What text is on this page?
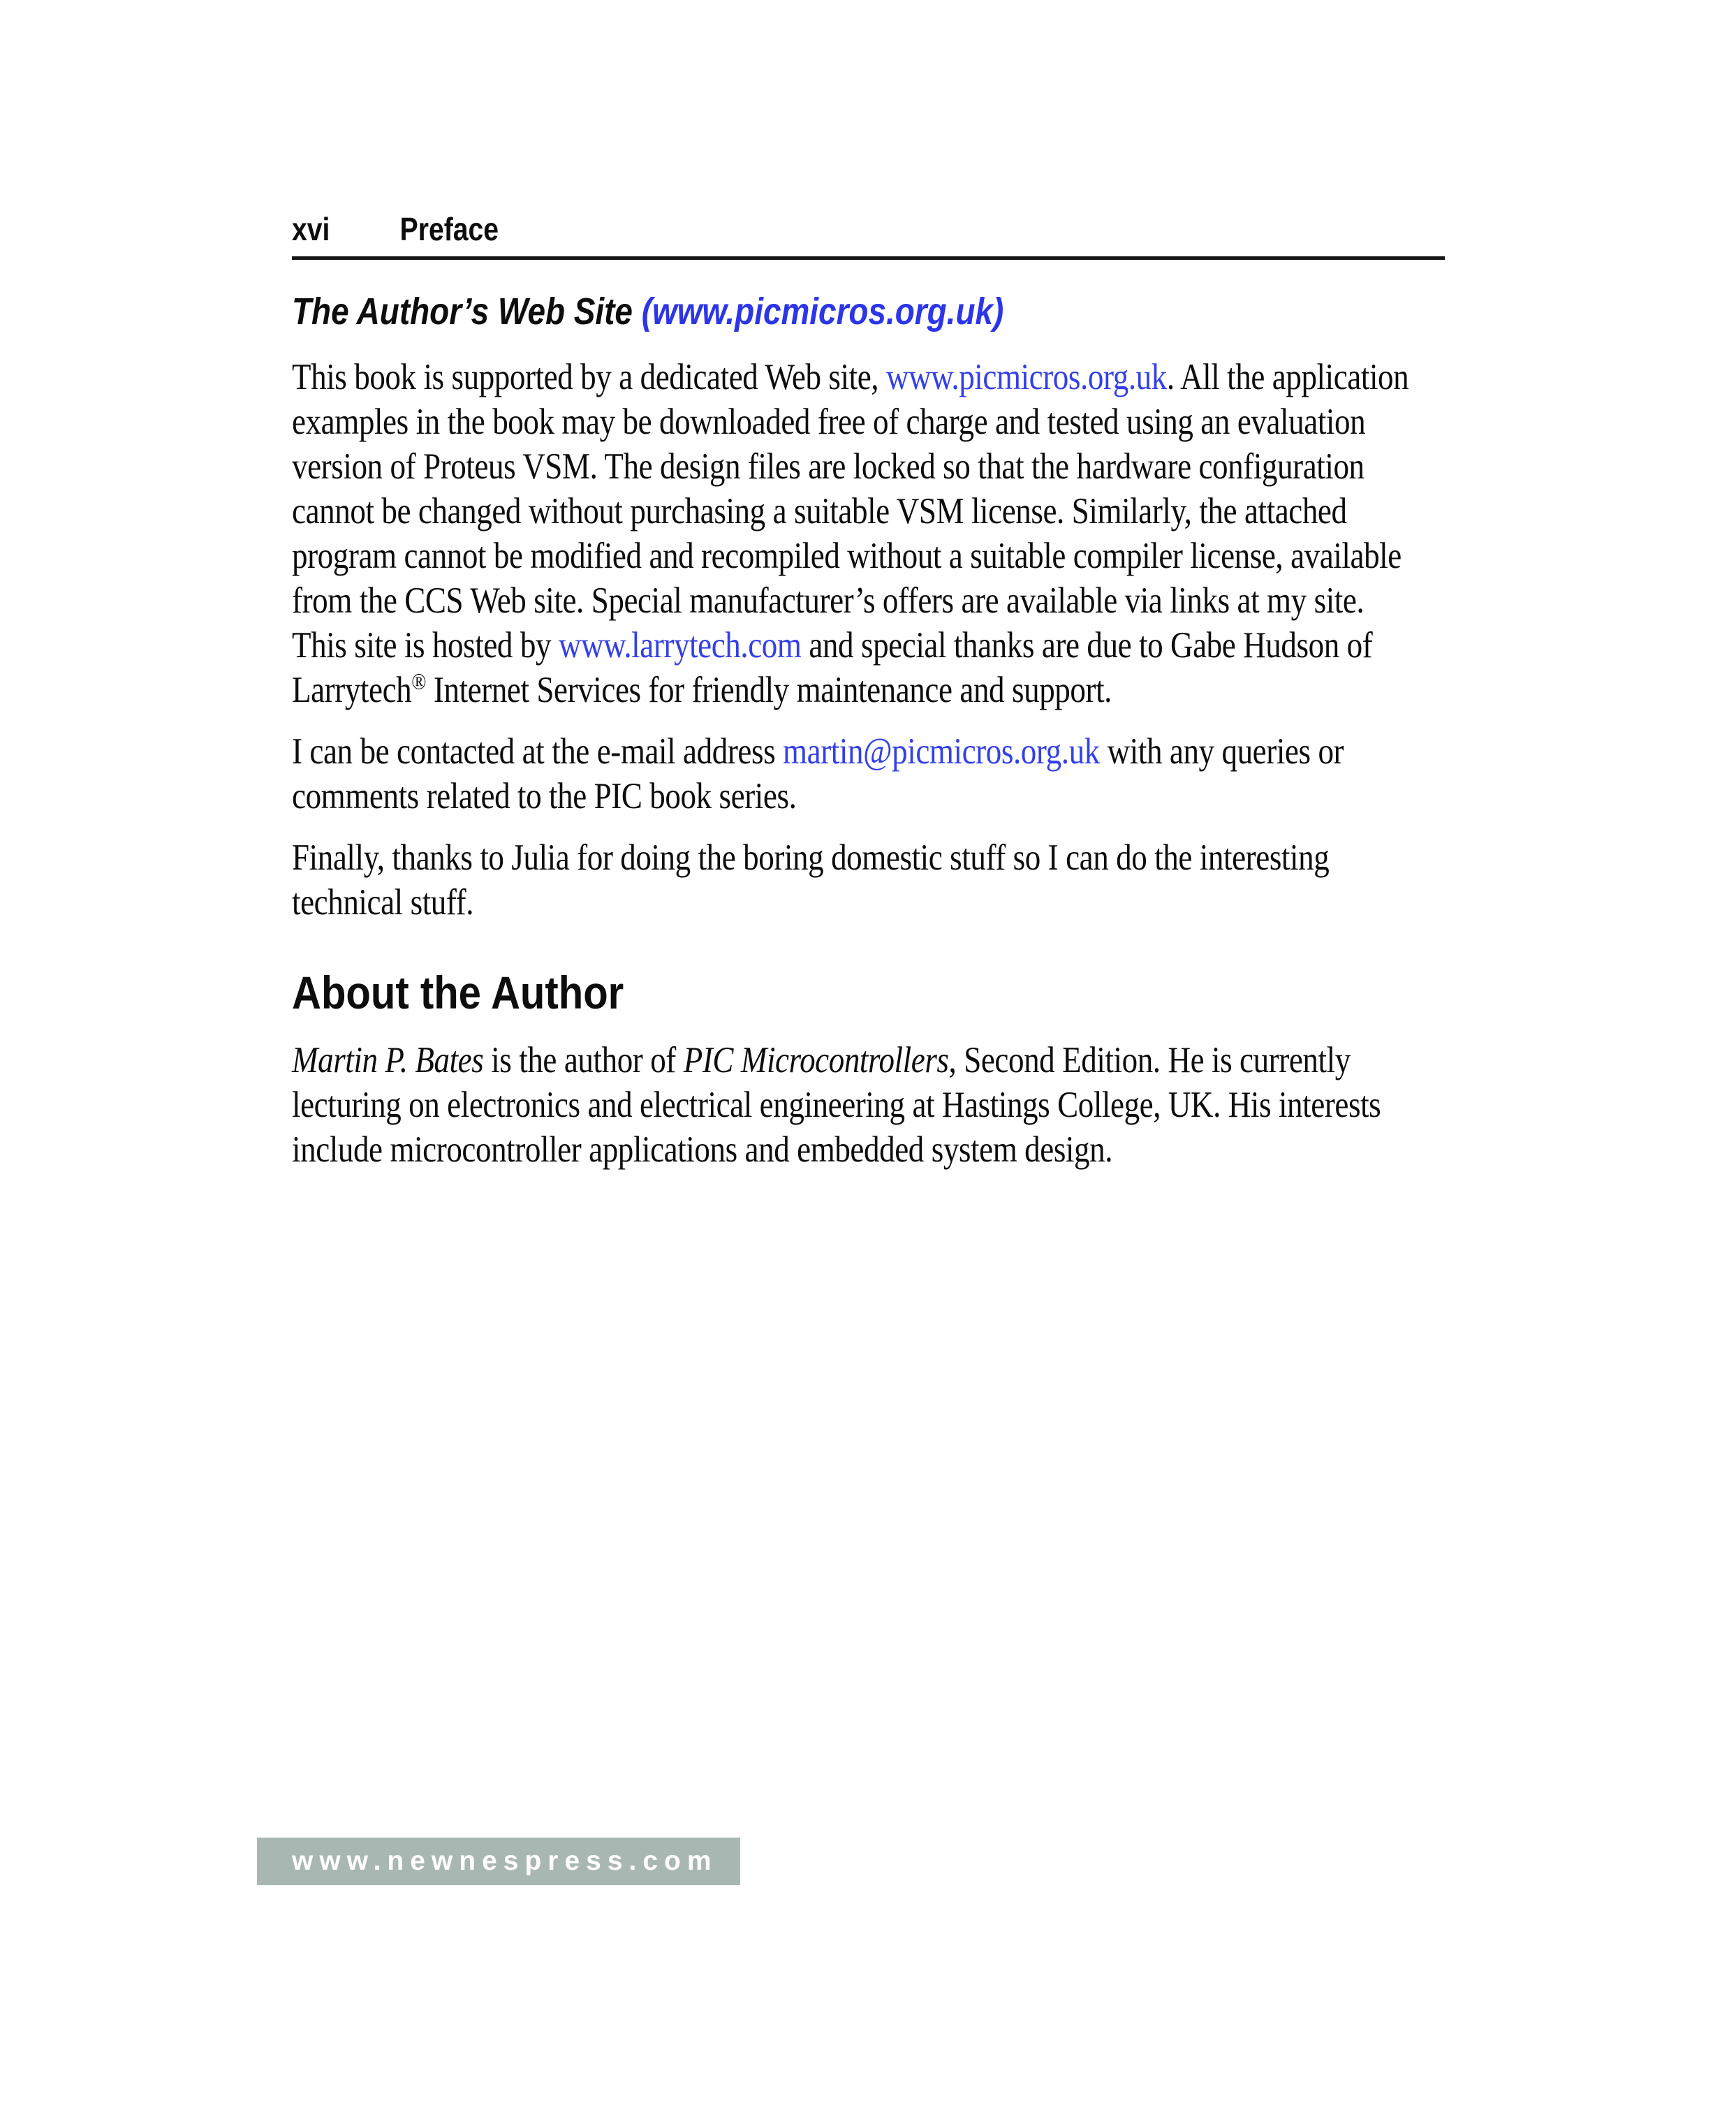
xvi Preface
The Author’s Web Site (www.picmicros.org.uk)

This book is supported by a dedicated Web site, www.picmicros.org.uk. All the application examples in the book may be downloaded free of charge and tested using an evaluation version of Proteus VSM. The design files are locked so that the hardware configuration cannot be changed without purchasing a suitable VSM license. Similarly, the attached program cannot be modified and recompiled without a suitable compiler license, available from the CCS Web site. Special manufacturer’s offers are available via links at my site. This site is hosted by www.larrytech.com and special thanks are due to Gabe Hudson of Larrytech® Internet Services for friendly maintenance and support.

I can be contacted at the e-mail address martin@picmicros.org.uk with any queries or comments related to the PIC book series.

Finally, thanks to Julia for doing the boring domestic stuff so I can do the interesting technical stuff.

About the Author

Martin P. Bates is the author of PIC Microcontrollers, Second Edition. He is currently lecturing on electronics and electrical engineering at Hastings College, UK. His interests include microcontroller applications and embedded system design.

www.newnespress.com
